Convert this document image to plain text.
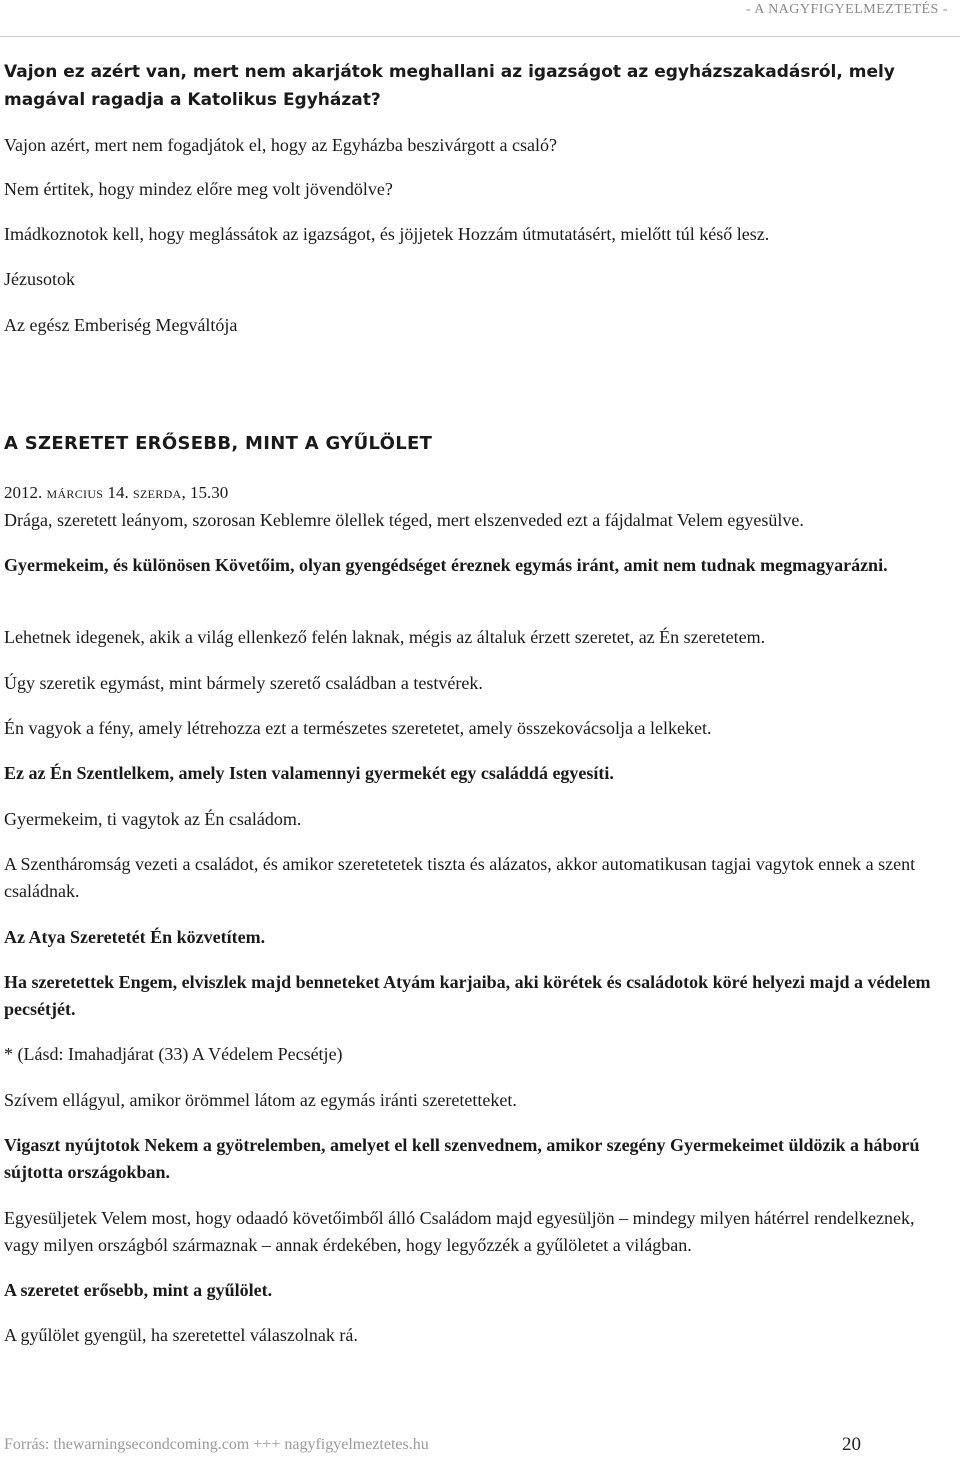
- A NAGYFIGYELMEZTETÉS -

Vajon ez azért van, mert nem akarjátok meghallani az igazságot az egyházszakadásról, mely magával ragadja a Katolikus Egyházat?

Vajon azért, mert nem fogadjátok el, hogy az Egyházba beszivárgott a csaló?

Nem értitek, hogy mindez előre meg volt jövendölve?

Imádkoznotok kell, hogy meglássátok az igazságot, és jöjjetek Hozzám útmutatásért, mielőtt túl késő lesz.

Jézusotok

Az egész Emberiség Megváltója

A SZERETET ERŐSEBB, MINT A GYŰLÖLET
2012. MÁRCIUS 14. SZERDA, 15.30

Drága, szeretett leányom, szorosan Keblemre ölellek téged, mert elszenveded ezt a fájdalmat Velem egyesülve.

Gyermekeim, és különösen Követőim, olyan gyengédséget éreznek egymás iránt, amit nem tudnak megmagyarázni.

Lehetnek idegenek, akik a világ ellenkező felén laknak, mégis az általuk érzett szeretet, az Én szeretetem.

Úgy szeretik egymást, mint bármely szerető családban a testvérek.

Én vagyok a fény, amely létrehozza ezt a természetes szeretetet, amely összekovácsolja a lelkeket.

Ez az Én Szentlelkem, amely Isten valamennyi gyermekét egy családdá egyesíti.

Gyermekeim, ti vagytok az Én családom.

A Szentháromság vezeti a családot, és amikor szeretetetek tiszta és alázatos, akkor automatikusan tagjai vagytok ennek a szent családnak.

Az Atya Szeretetét Én közvetítem.

Ha szeretettek Engem, elviszlek majd benneteket Atyám karjaiba, aki körétek és családotok köré helyezi majd a védelem pecsétjét.

* (Lásd: Imahadjárat (33) A Védelem Pecsétje)

Szívem ellágyul, amikor örömmel látom az egymás iránti szeretetteket.

Vigaszt nyújtotok Nekem a gyötrelemben, amelyet el kell szenvednem, amikor szegény Gyermekeimet üldözik a háború sújtotta országokban.

Egyesüljetek Velem most, hogy odaadó követőimből álló Családom majd egyesüljön – mindegy milyen hátérrel rendelkeznek, vagy milyen országból származnak – annak érdekében, hogy legyőzzék a gyűlöletet a világban.

A szeretet erősebb, mint a gyűlölet.

A gyűlölet gyengül, ha szeretettel válaszolnak rá.

Forrás: thewarningsecondcoming.com +++ nagyfigyelmeztetes.hu	20
